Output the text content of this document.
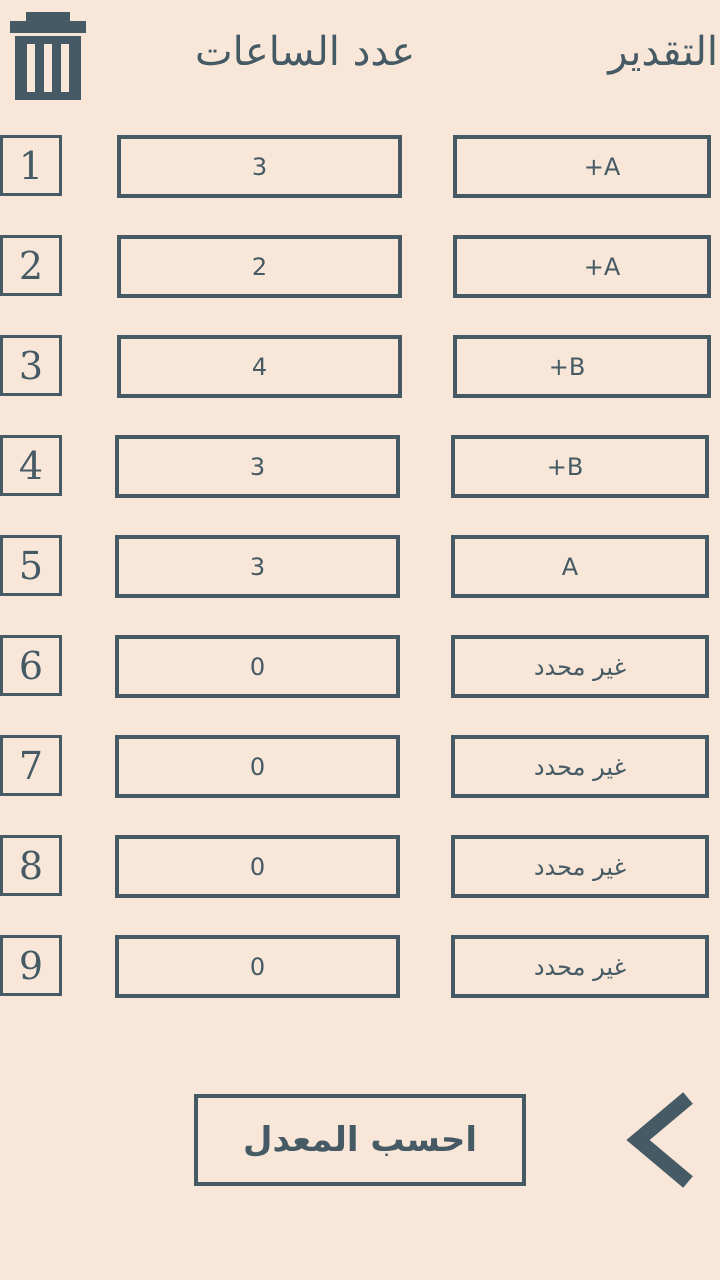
التقدير
عدد الساعات
1	3	A+
2	2	A+
3	4	B+
4	3	B+
5	3	A
6	0	غير محدد
7	0	غير محدد
8	0	غير محدد
9	0	غير محدد
احسب المعدل
